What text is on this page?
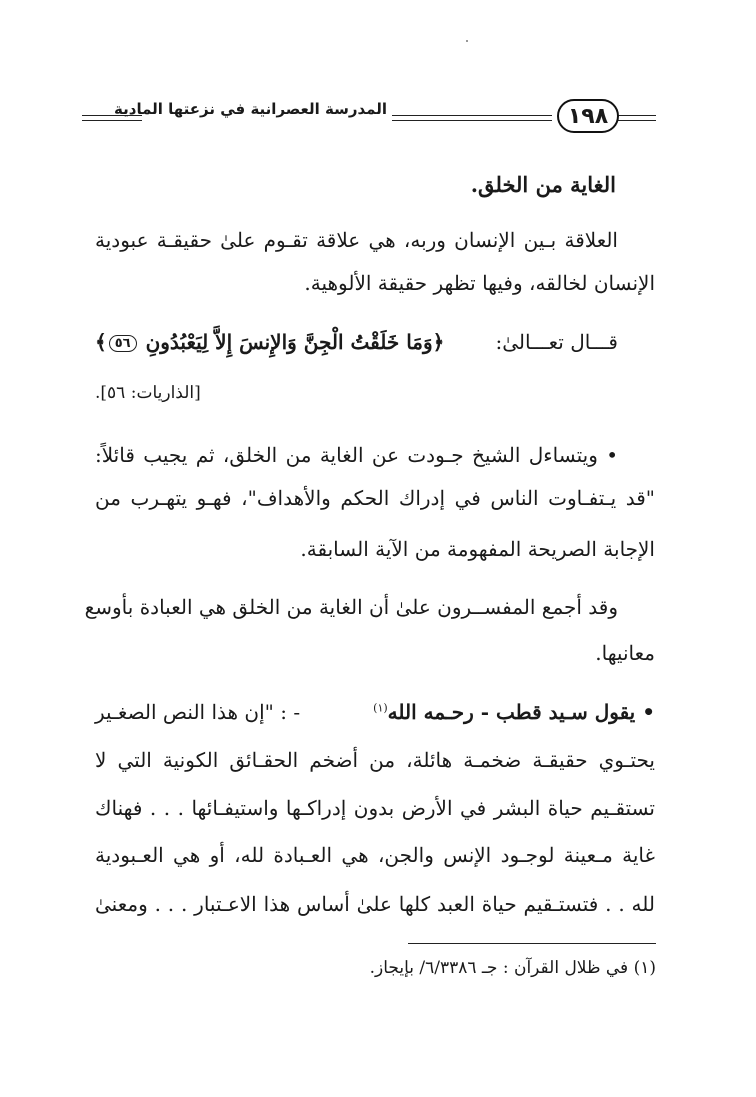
١٩٨
المدرسة العصرانية في نزعتها المادية
الغاية من الخلق.
العلاقة بـين الإنسان وربه، هي علاقة تقـوم علىٰ حقيقـة عبودية
الإنسان لخالقه، وفيها تظهر حقيقة الألوهية.
قـــال تعـــالىٰ:
﴿وَمَا خَلَقْتُ الْجِنَّ وَالإِنسَ إِلاَّ لِيَعْبُدُونِ ٥٦﴾
[الذاريات: ٥٦].
• ويتساءل الشيخ جـودت عن الغاية من الخلق، ثم يجيب قائلاً:
"قد يـتفـاوت الناس في إدراك الحكم والأهداف"، فهـو يتهـرب من
الإجابة الصريحة المفهومة من الآية السابقة.
وقد أجمع المفســرون علىٰ أن الغاية من الخلق هي العبادة بأوسع
معانيها.
• يقول سـيد قطب - رحـمه الله$^{(١)}$
- : "إن هذا النص الصغـير
يحتـوي حقيقـة ضخمـة هائلة، من أضخم الحقـائق الكونية التي لا
تستقـيم حياة البشر في الأرض بدون إدراكـها واستيفـائها . . . فهناك
غاية مـعينة لوجـود الإنس والجن، هي العـبادة لله، أو هي العـبودية
لله . . فتستـقيم حياة العبد كلها علىٰ أساس هذا الاعـتبار . . . ومعنىٰ
(١) في ظلال القرآن : جـ ٦/٣٣٨٦/ بإيجاز.
